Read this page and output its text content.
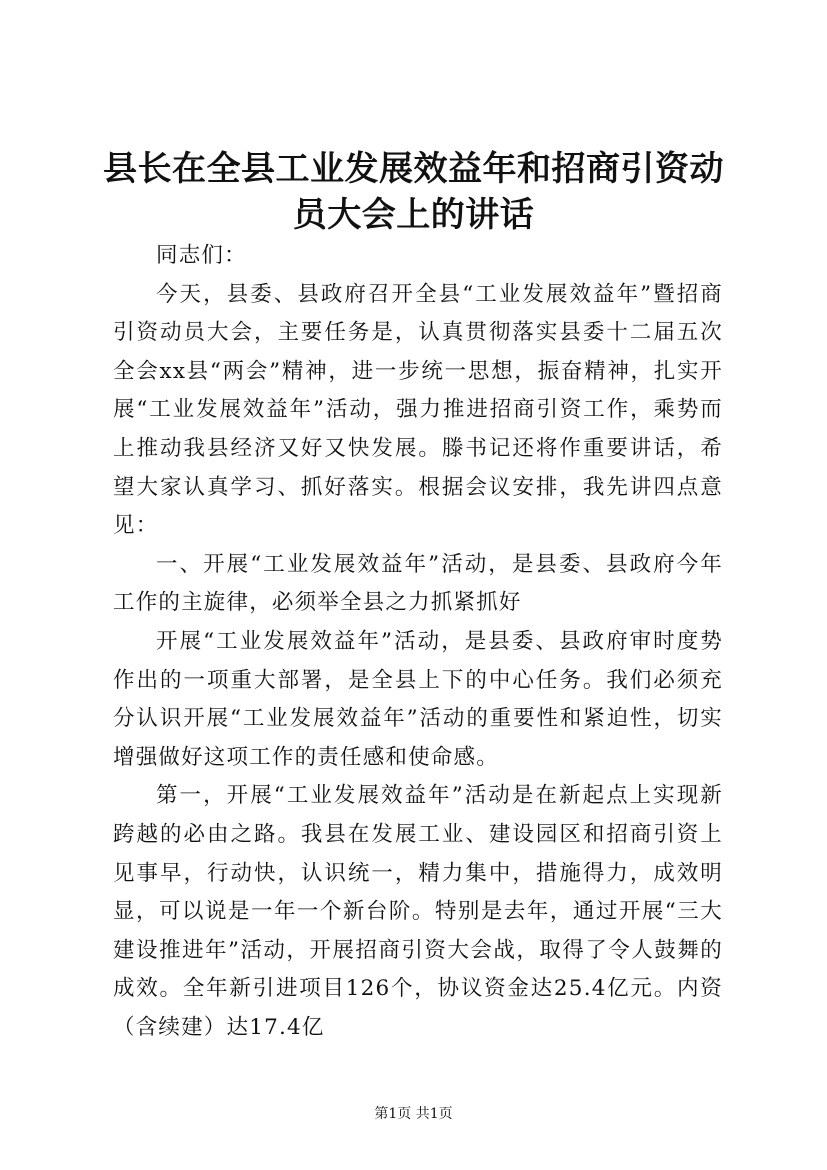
县长在全县工业发展效益年和招商引资动员大会上的讲话

同志们：

今天，县委、县政府召开全县“工业发展效益年”暨招商引资动员大会，主要任务是，认真贯彻落实县委十二届五次全会xx县“两会”精神，进一步统一思想，振奋精神，扎实开展“工业发展效益年”活动，强力推进招商引资工作，乘势而上推动我县经济又好又快发展。滕书记还将作重要讲话，希望大家认真学习、抓好落实。根据会议安排，我先讲四点意见：

一、开展“工业发展效益年”活动，是县委、县政府今年工作的主旋律，必须举全县之力抓紧抓好

开展“工业发展效益年”活动，是县委、县政府审时度势作出的一项重大部署，是全县上下的中心任务。我们必须充分认识开展“工业发展效益年”活动的重要性和紧迫性，切实增强做好这项工作的责任感和使命感。

第一，开展“工业发展效益年”活动是在新起点上实现新跨越的必由之路。我县在发展工业、建设园区和招商引资上见事早，行动快，认识统一，精力集中，措施得力，成效明显，可以说是一年一个新台阶。特别是去年，通过开展“三大建设推进年”活动，开展招商引资大会战，取得了令人鼓舞的成效。全年新引进项目126个，协议资金达25.4亿元。内资（含续建）达17.4亿

第1页 共1页
